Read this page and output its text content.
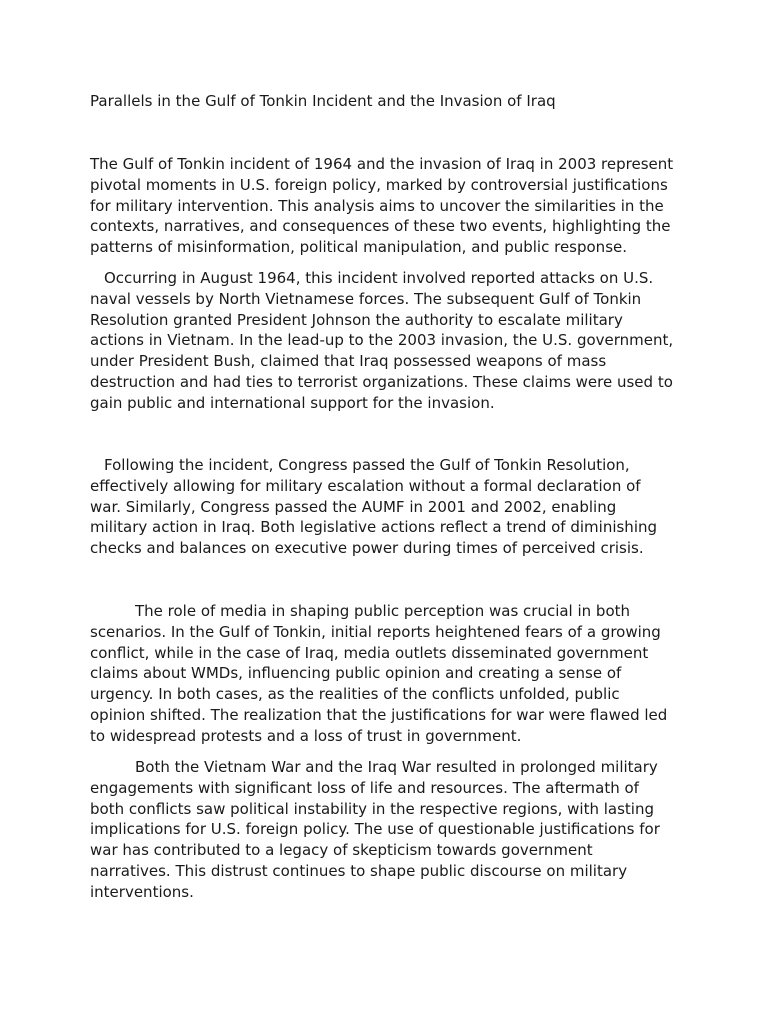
Parallels in the Gulf of Tonkin Incident and the Invasion of Iraq

The Gulf of Tonkin incident of 1964 and the invasion of Iraq in 2003 represent
pivotal moments in U.S. foreign policy, marked by controversial justifications
for military intervention. This analysis aims to uncover the similarities in the
contexts, narratives, and consequences of these two events, highlighting the
patterns of misinformation, political manipulation, and public response.

Occurring in August 1964, this incident involved reported attacks on U.S.
naval vessels by North Vietnamese forces. The subsequent Gulf of Tonkin
Resolution granted President Johnson the authority to escalate military
actions in Vietnam. In the lead-up to the 2003 invasion, the U.S. government,
under President Bush, claimed that Iraq possessed weapons of mass
destruction and had ties to terrorist organizations. These claims were used to
gain public and international support for the invasion.

Following the incident, Congress passed the Gulf of Tonkin Resolution,
effectively allowing for military escalation without a formal declaration of
war. Similarly, Congress passed the AUMF in 2001 and 2002, enabling
military action in Iraq. Both legislative actions reflect a trend of diminishing
checks and balances on executive power during times of perceived crisis.

The role of media in shaping public perception was crucial in both
scenarios. In the Gulf of Tonkin, initial reports heightened fears of a growing
conflict, while in the case of Iraq, media outlets disseminated government
claims about WMDs, influencing public opinion and creating a sense of
urgency. In both cases, as the realities of the conflicts unfolded, public
opinion shifted. The realization that the justifications for war were flawed led
to widespread protests and a loss of trust in government.

Both the Vietnam War and the Iraq War resulted in prolonged military
engagements with significant loss of life and resources. The aftermath of
both conflicts saw political instability in the respective regions, with lasting
implications for U.S. foreign policy. The use of questionable justifications for
war has contributed to a legacy of skepticism towards government
narratives. This distrust continues to shape public discourse on military
interventions.
